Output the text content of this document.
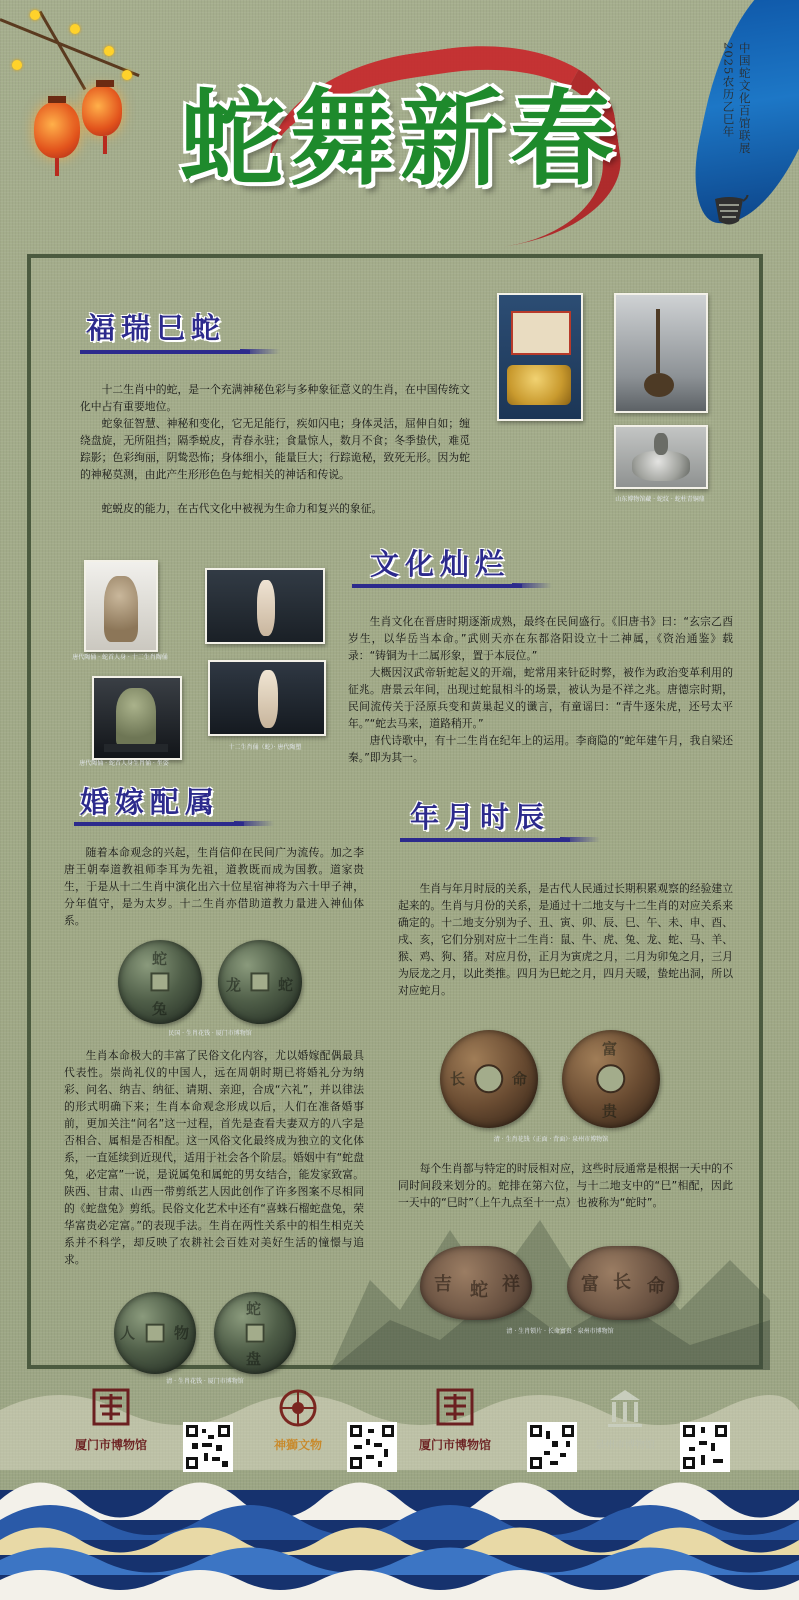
蛇舞新春	中国蛇文化百馆联展
2025农历乙巳年
福瑞巳蛇

十二生肖中的蛇，是一个充满神秘色彩与多种象征意义的生肖，在中国传统文化中占有重要地位。

蛇象征智慧、神秘和变化，它无足能行，疾如闪电；身体灵活，屈伸自如；缠绕盘旋，无所阻挡；隔季蜕皮，青春永驻；食量惊人，数月不食；冬季蛰伏，难觅踪影；色彩绚丽，阴鸷恐怖；身体细小，能量巨大；行踪诡秘，致死无形。因为蛇的神秘莫测，由此产生形形色色与蛇相关的神话和传说。

蛇蜕皮的能力，在古代文化中被视为生命力和复兴的象征。

山东博物馆藏 · 蛇纹 · 蛇柱青铜鼎
文化灿烂

生肖文化在晋唐时期逐渐成熟，最终在民间盛行。《旧唐书》曰：“玄宗乙酉岁生，以华岳当本命。”武则天亦在东都洛阳设立十二神属，《资治通鉴》载录：“铸铜为十二属形象，置于本辰位。”

大概因汉武帝斩蛇起义的开端，蛇常用来针砭时弊，被作为政治变革利用的征兆。唐景云年间，出现过蛇鼠相斗的场景，被认为是不祥之兆。唐德宗时期，民间流传关于泾原兵变和黄巢起义的谶言，有童谣曰：“青牛逐朱虎，还号太平年。”“蛇去马来，道路稍开。”

唐代诗歌中，有十二生肖在纪年上的运用。李商隐的“蛇年建午月，我自梁还秦。”即为其一。

唐代陶俑 · 蛇首人身 · 十二生肖陶俑
唐代陶俑 · 蛇首人身生肖俑 · 坐姿
十二生肖俑（蛇）· 唐代陶塑
婚嫁配属

随着本命观念的兴起，生肖信仰在民间广为流传。加之李唐王朝奉道教祖师李耳为先祖，道教既而成为国教。道家贵生，于是从十二生肖中演化出六十位星宿神将为六十甲子神，分年值守，是为太岁。十二生肖亦借助道教力量进入神仙体系。

蛇
兔
龙 蛇
民国 · 生肖花钱 · 厦门市博物馆

生肖本命极大的丰富了民俗文化内容，尤以婚嫁配偶最具代表性。崇尚礼仪的中国人，远在周朝时期已将婚礼分为纳彩、问名、纳吉、纳征、请期、亲迎，合成“六礼”，并以律法的形式明确下来；生肖本命观念形成以后，人们在准备婚事前，更加关注“问名”这一过程，首先是查看夫妻双方的八字是否相合、属相是否相配。这一风俗文化最终成为独立的文化体系，一直延续到近现代，适用于社会各个阶层。婚姻中有“蛇盘兔，必定富”一说，是说属兔和属蛇的男女结合，能发家致富。陕西、甘肃、山西一带剪纸艺人因此创作了许多图案不尽相同的《蛇盘兔》剪纸。民俗文化艺术中还有“喜蛛石榴蛇盘兔，荣华富贵必定富。”的表现手法。生肖在两性关系中的相生相克关系并不科学，却反映了农耕社会百姓对美好生活的憧憬与追求。

人	物
蛇
盘
清 · 生肖花钱 · 厦门市博物馆
年月时辰

生肖与年月时辰的关系，是古代人民通过长期积累观察的经验建立起来的。生肖与月份的关系，是通过十二地支与十二生肖的对应关系来确定的。十二地支分别为子、丑、寅、卯、辰、巳、午、未、申、酉、戌、亥，它们分别对应十二生肖：鼠、牛、虎、兔、龙、蛇、马、羊、猴、鸡、狗、猪。对应月份，正月为寅虎之月，二月为卯兔之月，三月为辰龙之月，以此类推。四月为巳蛇之月，四月天暖，蛰蛇出洞，所以对应蛇月。

长	命
富
贵
清 · 生肖花钱（正面 · 背面）· 泉州市博物馆

每个生肖都与特定的时辰相对应，这些时辰通常是根据一天中的不同时间段来划分的。蛇排在第六位，与十二地支中的“巳”相配，因此一天中的“巳时”（上午九点至十一点）也被称为“蛇时”。

吉 蛇 祥	富 长 命
清 · 生肖锁片 · 长命富贵 · 泉州市博物馆
厦门市博物馆	神獅文物	厦门市博物馆	泉州市博物馆
